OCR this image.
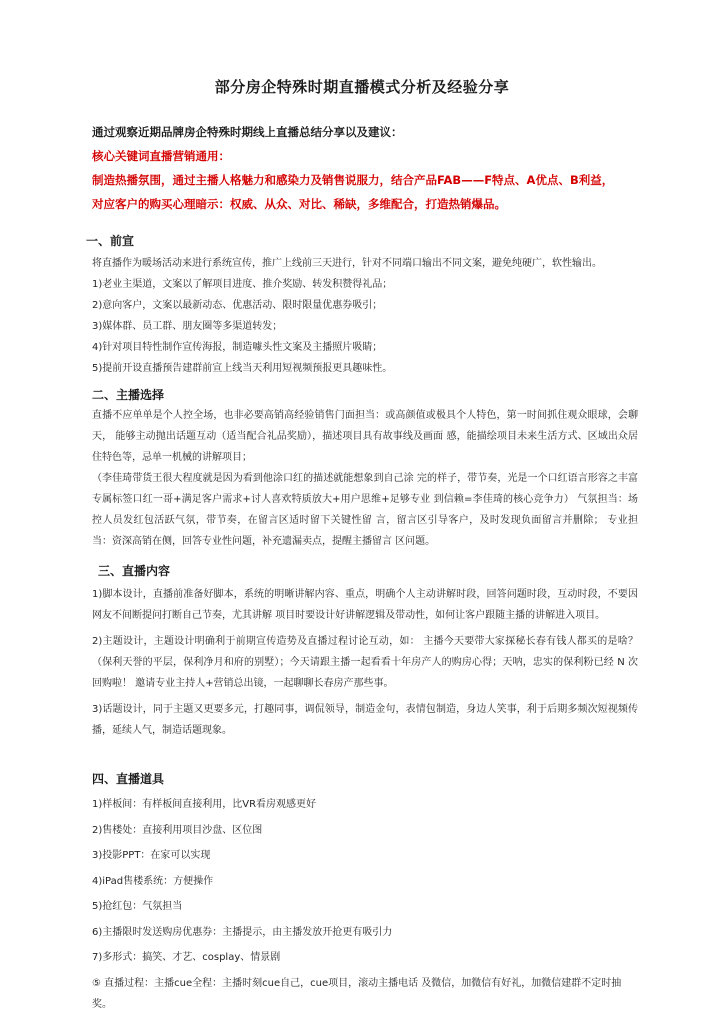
部分房企特殊时期直播模式分析及经验分享
通过观察近期品牌房企特殊时期线上直播总结分享以及建议：
核心关键词直播营销通用：
制造热播氛围，通过主播人格魅力和感染力及销售说服力，结合产品FAB——F特点、A优点、B利益，
对应客户的购买心理暗示：权威、从众、对比、稀缺，多维配合，打造热销爆品。
一、前宣

将直播作为暖场活动来进行系统宣传，推广上线前三天进行，针对不同端口输出不同文案，避免纯硬广，软性输出。

1)老业主渠道，文案以了解项目进度、推介奖励、转发积赞得礼品；

2)意向客户，文案以最新动态、优惠活动、限时限量优惠券吸引；

3)媒体群、员工群、朋友圈等多渠道转发；

4)针对项目特性制作宣传海报，制造噱头性文案及主播照片吸睛；

5)提前开设直播预告建群前宣上线当天利用短视频预报更具趣味性。

二、主播选择

直播不应单单是个人控全场，也非必要高销高经验销售门面担当：或高颜值或极具个人特色，第一时间抓住观众眼球，会聊天， 能够主动抛出话题互动（适当配合礼品奖励），描述项目具有故事线及画面 感，能描绘项目未来生活方式、区域出众居住特色等，忌单一机械的讲解项目；

（李佳琦带货王很大程度就是因为看到他涂口红的描述就能想象到自己涂 完的样子，带节奏，光是一个口红语言形容之丰富 专属标签口红一哥+满足客户需求+讨人喜欢特质放大+用户思维+足够专业 到信赖=李佳琦的核心竞争力） 气氛担当：场控人员发红包活跃气氛，带节奏，在留言区适时留下关键性留 言，留言区引导客户，及时发现负面留言并删除； 专业担当：资深高销在侧，回答专业性问题，补充遗漏卖点，提醒主播留言 区问题。

三、直播内容

1)脚本设计，直播前准备好脚本，系统的明晰讲解内容、重点，明确个人主动讲解时段，回答问题时段，互动时段，不要因网友不间断提问打断自己节奏，尤其讲解 项目时要设计好讲解逻辑及带动性，如何让客户跟随主播的讲解进入项目。

2)主题设计，主题设计明确利于前期宣传造势及直播过程讨论互动，如： 主播今天要带大家探秘长春有钱人都买的是啥？（保利天誉的平层，保利净月和府的别墅）；今天请跟主播一起看看十年房产人的购房心得；天呐，忠实的保利粉已经 N 次回购啦！ 邀请专业主持人+营销总出镜，一起聊聊长春房产那些事。

3)话题设计，同于主题又更要多元，打趣同事，调侃领导，制造金句，表情包制造，身边人笑事，利于后期多频次短视频传播，延续人气，制造话题现象。

四、直播道具

1)样板间：有样板间直接利用，比VR看房观感更好

2)售楼处：直接利用项目沙盘、区位图

3)投影PPT：在家可以实现

4)iPad售楼系统：方便操作

5)抢红包：气氛担当

6)主播限时发送购房优惠券：主播提示，由主播发放开抢更有吸引力

7)多形式：搞笑、才艺、cosplay、情景剧

⑤ 直播过程：主播cue全程：主播时刻cue自己，cue项目，滚动主播电话 及微信，加微信有好礼，加微信建群不定时抽奖。
